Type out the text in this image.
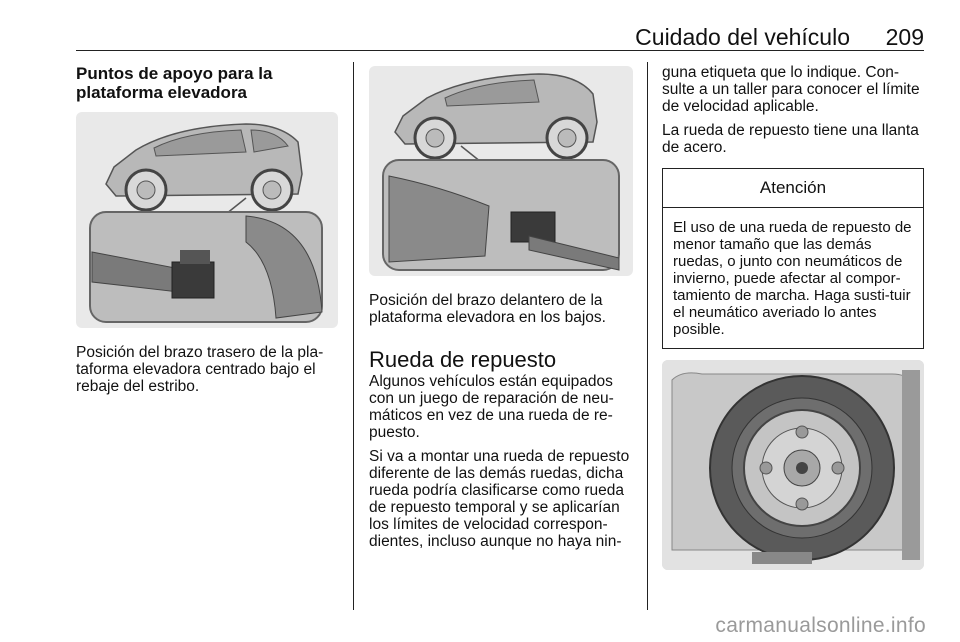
Cuidado del vehículo 209
Puntos de apoyo para la plataforma elevadora

Posición del brazo trasero de la pla-taforma elevadora centrado bajo el rebaje del estribo.

Posición del brazo delantero de la plataforma elevadora en los bajos.

Rueda de repuesto

Algunos vehículos están equipados con un juego de reparación de neu-máticos en vez de una rueda de re-puesto.

Si va a montar una rueda de repuesto diferente de las demás ruedas, dicha rueda podría clasificarse como rueda de repuesto temporal y se aplicarían los límites de velocidad correspon-dientes, incluso aunque no haya nin-

guna etiqueta que lo indique. Con-sulte a un taller para conocer el límite de velocidad aplicable.

La rueda de repuesto tiene una llanta de acero.

Atención
El uso de una rueda de repuesto de menor tamaño que las demás ruedas, o junto con neumáticos de invierno, puede afectar al compor-tamiento de marcha. Haga susti-tuir el neumático averiado lo antes posible.
carmanualsonline.info
